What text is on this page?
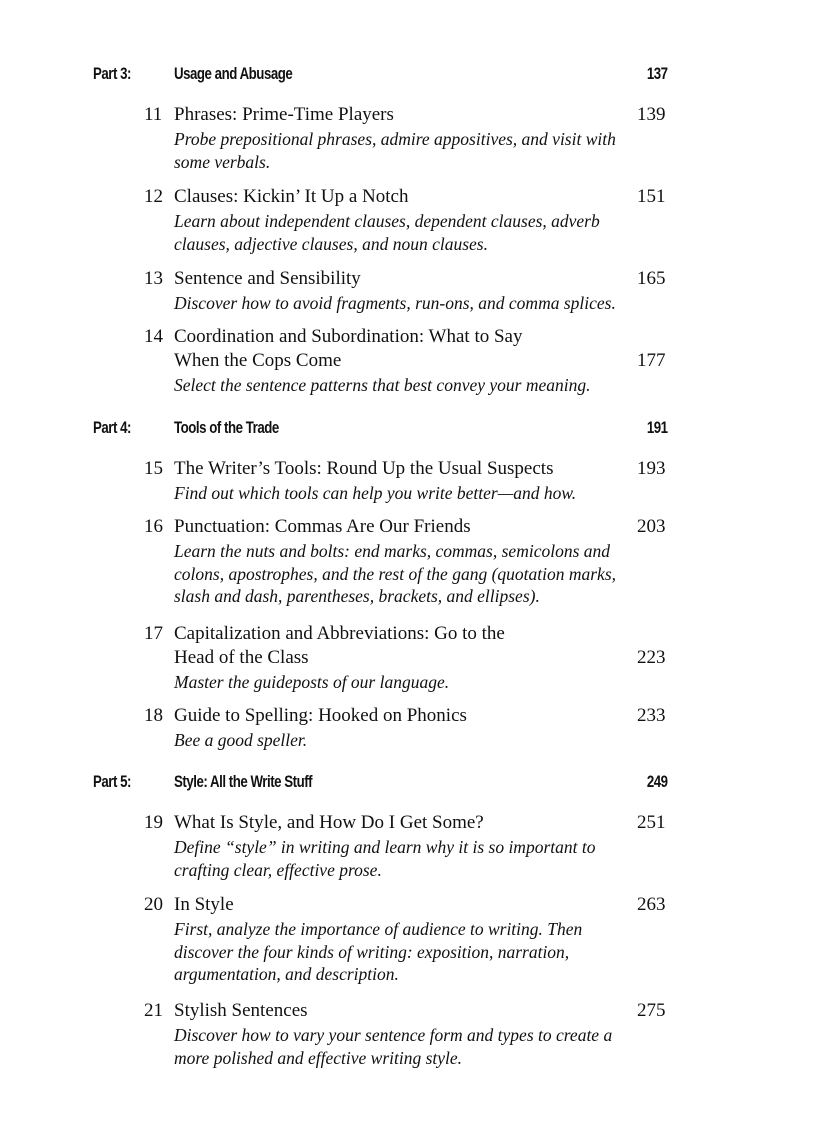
Part 3:	Usage and Abusage	137
11 Phrases: Prime-Time Players	139
Probe prepositional phrases, admire appositives, and visit with some verbals.
12 Clauses: Kickin’ It Up a Notch	151
Learn about independent clauses, dependent clauses, adverb clauses, adjective clauses, and noun clauses.
13 Sentence and Sensibility	165
Discover how to avoid fragments, run-ons, and comma splices.
14 Coordination and Subordination: What to Say
When the Cops Come	177
Select the sentence patterns that best convey your meaning.
Part 4:	Tools of the Trade	191
15 The Writer’s Tools: Round Up the Usual Suspects	193
Find out which tools can help you write better—and how.
16 Punctuation: Commas Are Our Friends	203
Learn the nuts and bolts: end marks, commas, semicolons and colons, apostrophes, and the rest of the gang (quotation marks, slash and dash, parentheses, brackets, and ellipses).
17 Capitalization and Abbreviations: Go to the
Head of the Class	223
Master the guideposts of our language.
18 Guide to Spelling: Hooked on Phonics	233
Bee a good speller.
Part 5:	Style: All the Write Stuff	249
19 What Is Style, and How Do I Get Some?	251
Define “style” in writing and learn why it is so important to crafting clear, effective prose.
20 In Style	263
First, analyze the importance of audience to writing. Then discover the four kinds of writing: exposition, narration, argumentation, and description.
21 Stylish Sentences	275
Discover how to vary your sentence form and types to create a more polished and effective writing style.
